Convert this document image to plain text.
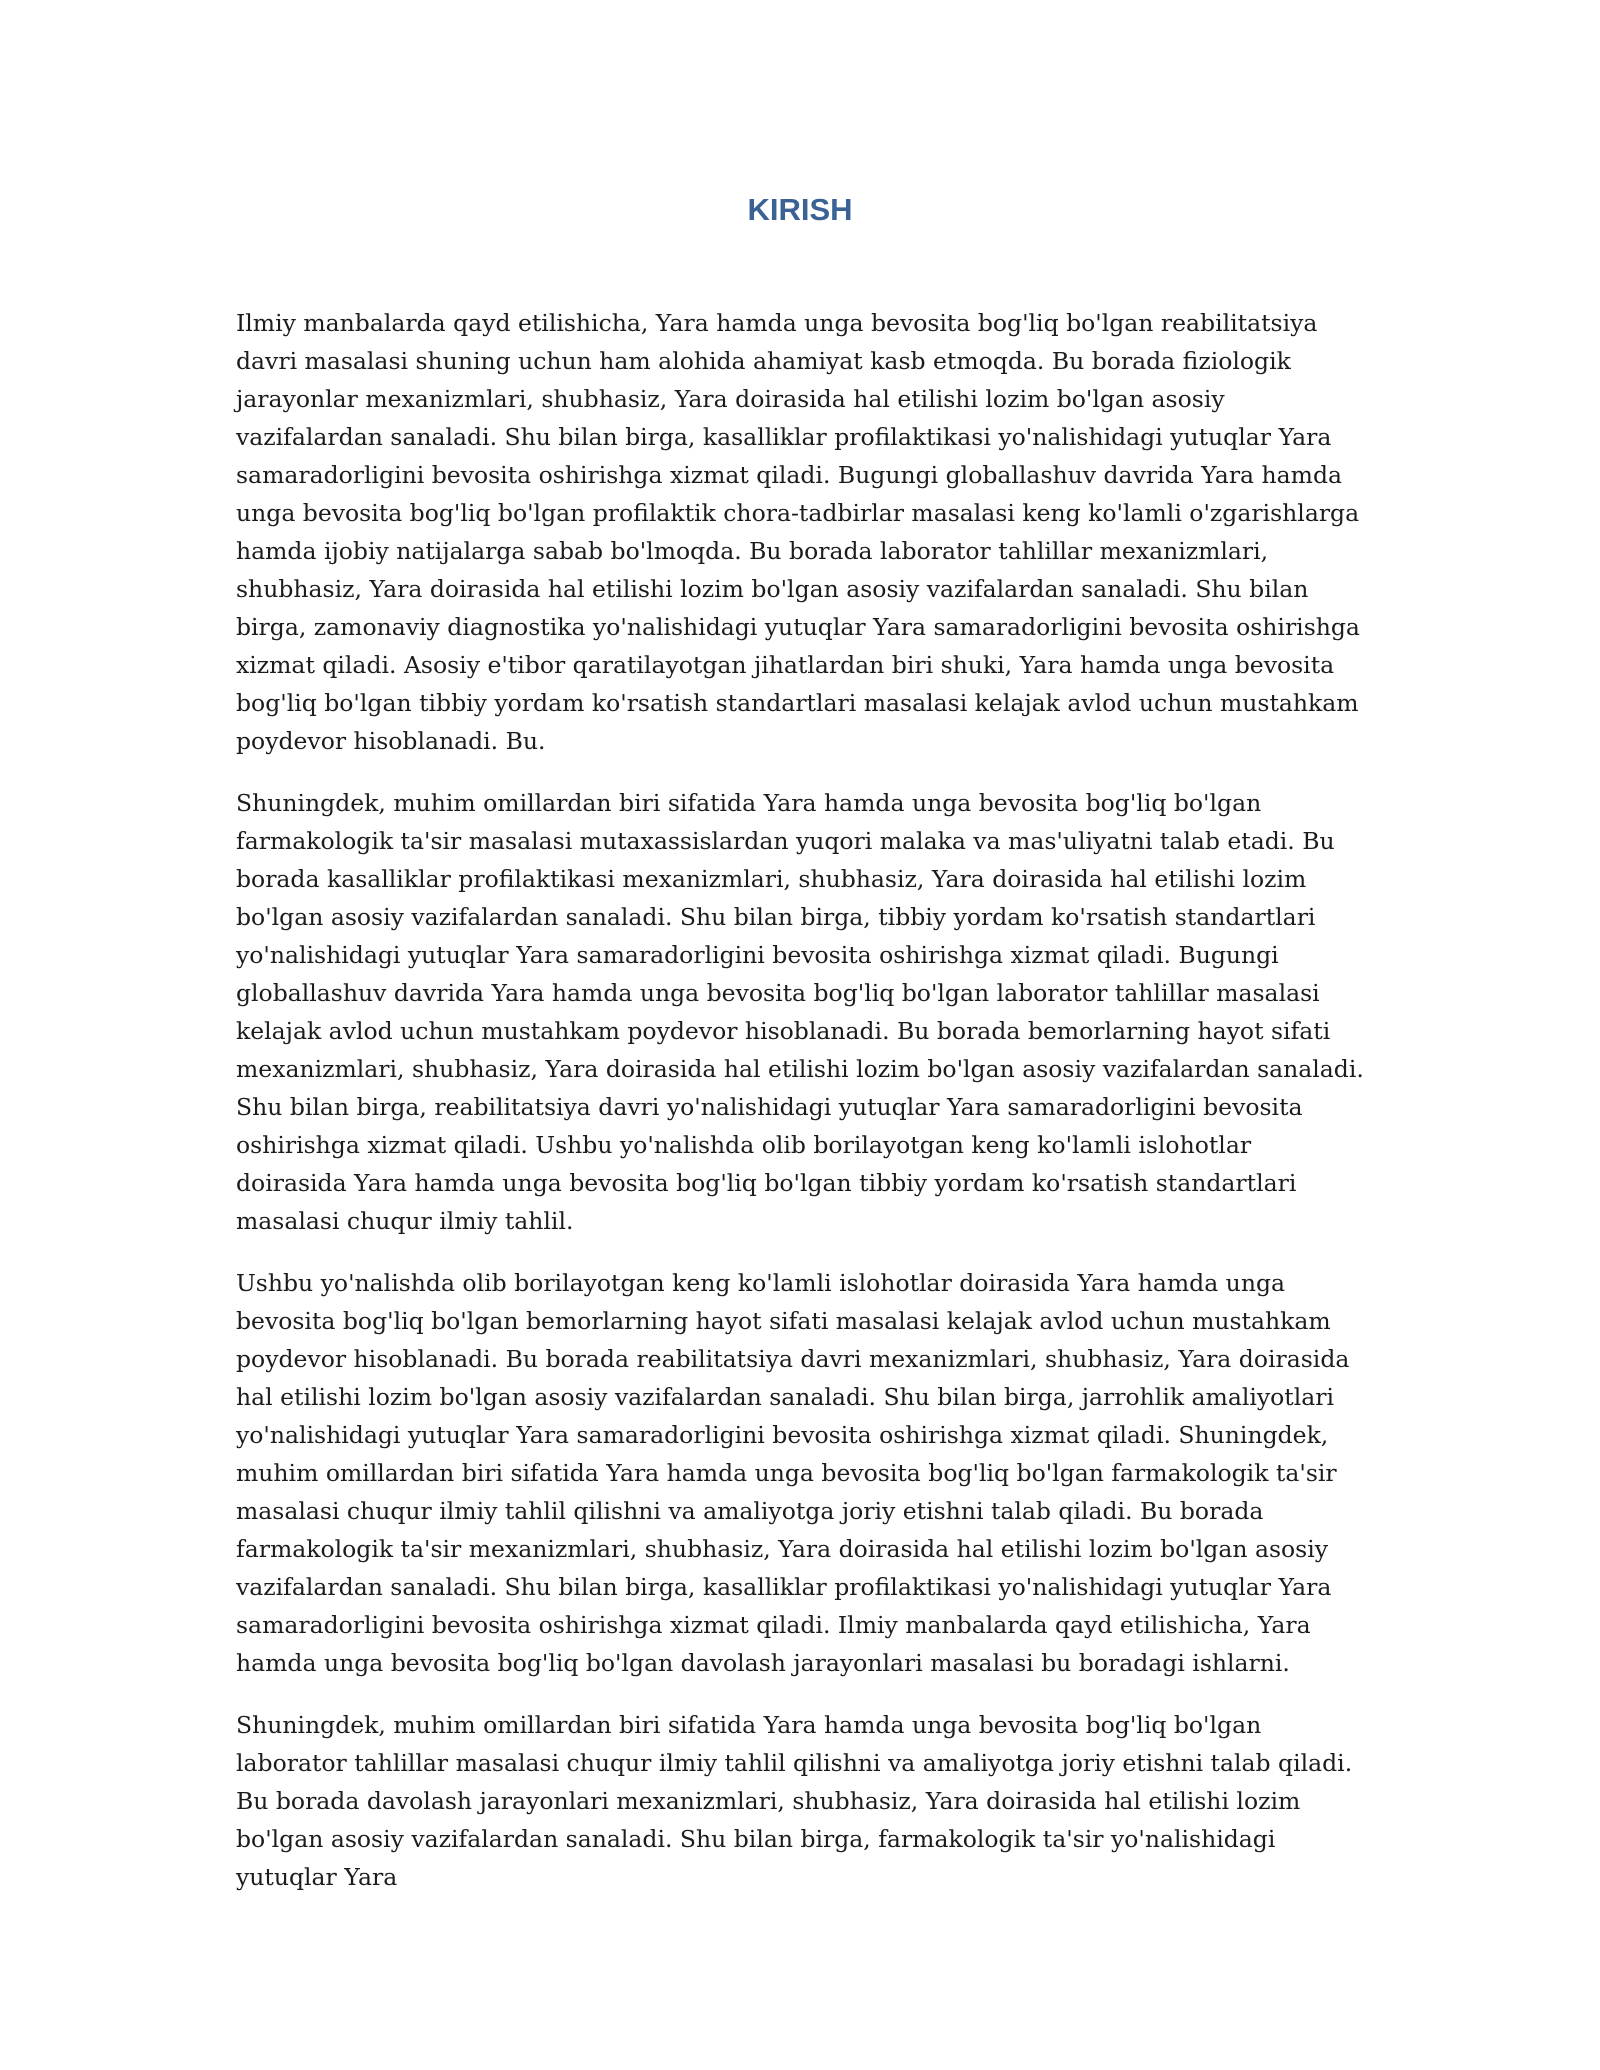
KIRISH

Ilmiy manbalarda qayd etilishicha, Yara hamda unga bevosita bog'liq bo'lgan reabilitatsiya davri masalasi shuning uchun ham alohida ahamiyat kasb etmoqda. Bu borada fiziologik jarayonlar mexanizmlari, shubhasiz, Yara doirasida hal etilishi lozim bo'lgan asosiy vazifalardan sanaladi. Shu bilan birga, kasalliklar profilaktikasi yo'nalishidagi yutuqlar Yara samaradorligini bevosita oshirishga xizmat qiladi. Bugungi globallashuv davrida Yara hamda unga bevosita bog'liq bo'lgan profilaktik chora-tadbirlar masalasi keng ko'lamli o'zgarishlarga hamda ijobiy natijalarga sabab bo'lmoqda. Bu borada laborator tahlillar mexanizmlari, shubhasiz, Yara doirasida hal etilishi lozim bo'lgan asosiy vazifalardan sanaladi. Shu bilan birga, zamonaviy diagnostika yo'nalishidagi yutuqlar Yara samaradorligini bevosita oshirishga xizmat qiladi. Asosiy e'tibor qaratilayotgan jihatlardan biri shuki, Yara hamda unga bevosita bog'liq bo'lgan tibbiy yordam ko'rsatish standartlari masalasi kelajak avlod uchun mustahkam poydevor hisoblanadi. Bu.

Shuningdek, muhim omillardan biri sifatida Yara hamda unga bevosita bog'liq bo'lgan farmakologik ta'sir masalasi mutaxassislardan yuqori malaka va mas'uliyatni talab etadi. Bu borada kasalliklar profilaktikasi mexanizmlari, shubhasiz, Yara doirasida hal etilishi lozim bo'lgan asosiy vazifalardan sanaladi. Shu bilan birga, tibbiy yordam ko'rsatish standartlari yo'nalishidagi yutuqlar Yara samaradorligini bevosita oshirishga xizmat qiladi. Bugungi globallashuv davrida Yara hamda unga bevosita bog'liq bo'lgan laborator tahlillar masalasi kelajak avlod uchun mustahkam poydevor hisoblanadi. Bu borada bemorlarning hayot sifati mexanizmlari, shubhasiz, Yara doirasida hal etilishi lozim bo'lgan asosiy vazifalardan sanaladi. Shu bilan birga, reabilitatsiya davri yo'nalishidagi yutuqlar Yara samaradorligini bevosita oshirishga xizmat qiladi. Ushbu yo'nalishda olib borilayotgan keng ko'lamli islohotlar doirasida Yara hamda unga bevosita bog'liq bo'lgan tibbiy yordam ko'rsatish standartlari masalasi chuqur ilmiy tahlil.

Ushbu yo'nalishda olib borilayotgan keng ko'lamli islohotlar doirasida Yara hamda unga bevosita bog'liq bo'lgan bemorlarning hayot sifati masalasi kelajak avlod uchun mustahkam poydevor hisoblanadi. Bu borada reabilitatsiya davri mexanizmlari, shubhasiz, Yara doirasida hal etilishi lozim bo'lgan asosiy vazifalardan sanaladi. Shu bilan birga, jarrohlik amaliyotlari yo'nalishidagi yutuqlar Yara samaradorligini bevosita oshirishga xizmat qiladi. Shuningdek, muhim omillardan biri sifatida Yara hamda unga bevosita bog'liq bo'lgan farmakologik ta'sir masalasi chuqur ilmiy tahlil qilishni va amaliyotga joriy etishni talab qiladi. Bu borada farmakologik ta'sir mexanizmlari, shubhasiz, Yara doirasida hal etilishi lozim bo'lgan asosiy vazifalardan sanaladi. Shu bilan birga, kasalliklar profilaktikasi yo'nalishidagi yutuqlar Yara samaradorligini bevosita oshirishga xizmat qiladi. Ilmiy manbalarda qayd etilishicha, Yara hamda unga bevosita bog'liq bo'lgan davolash jarayonlari masalasi bu boradagi ishlarni.

Shuningdek, muhim omillardan biri sifatida Yara hamda unga bevosita bog'liq bo'lgan laborator tahlillar masalasi chuqur ilmiy tahlil qilishni va amaliyotga joriy etishni talab qiladi. Bu borada davolash jarayonlari mexanizmlari, shubhasiz, Yara doirasida hal etilishi lozim bo'lgan asosiy vazifalardan sanaladi. Shu bilan birga, farmakologik ta'sir yo'nalishidagi yutuqlar Yara
